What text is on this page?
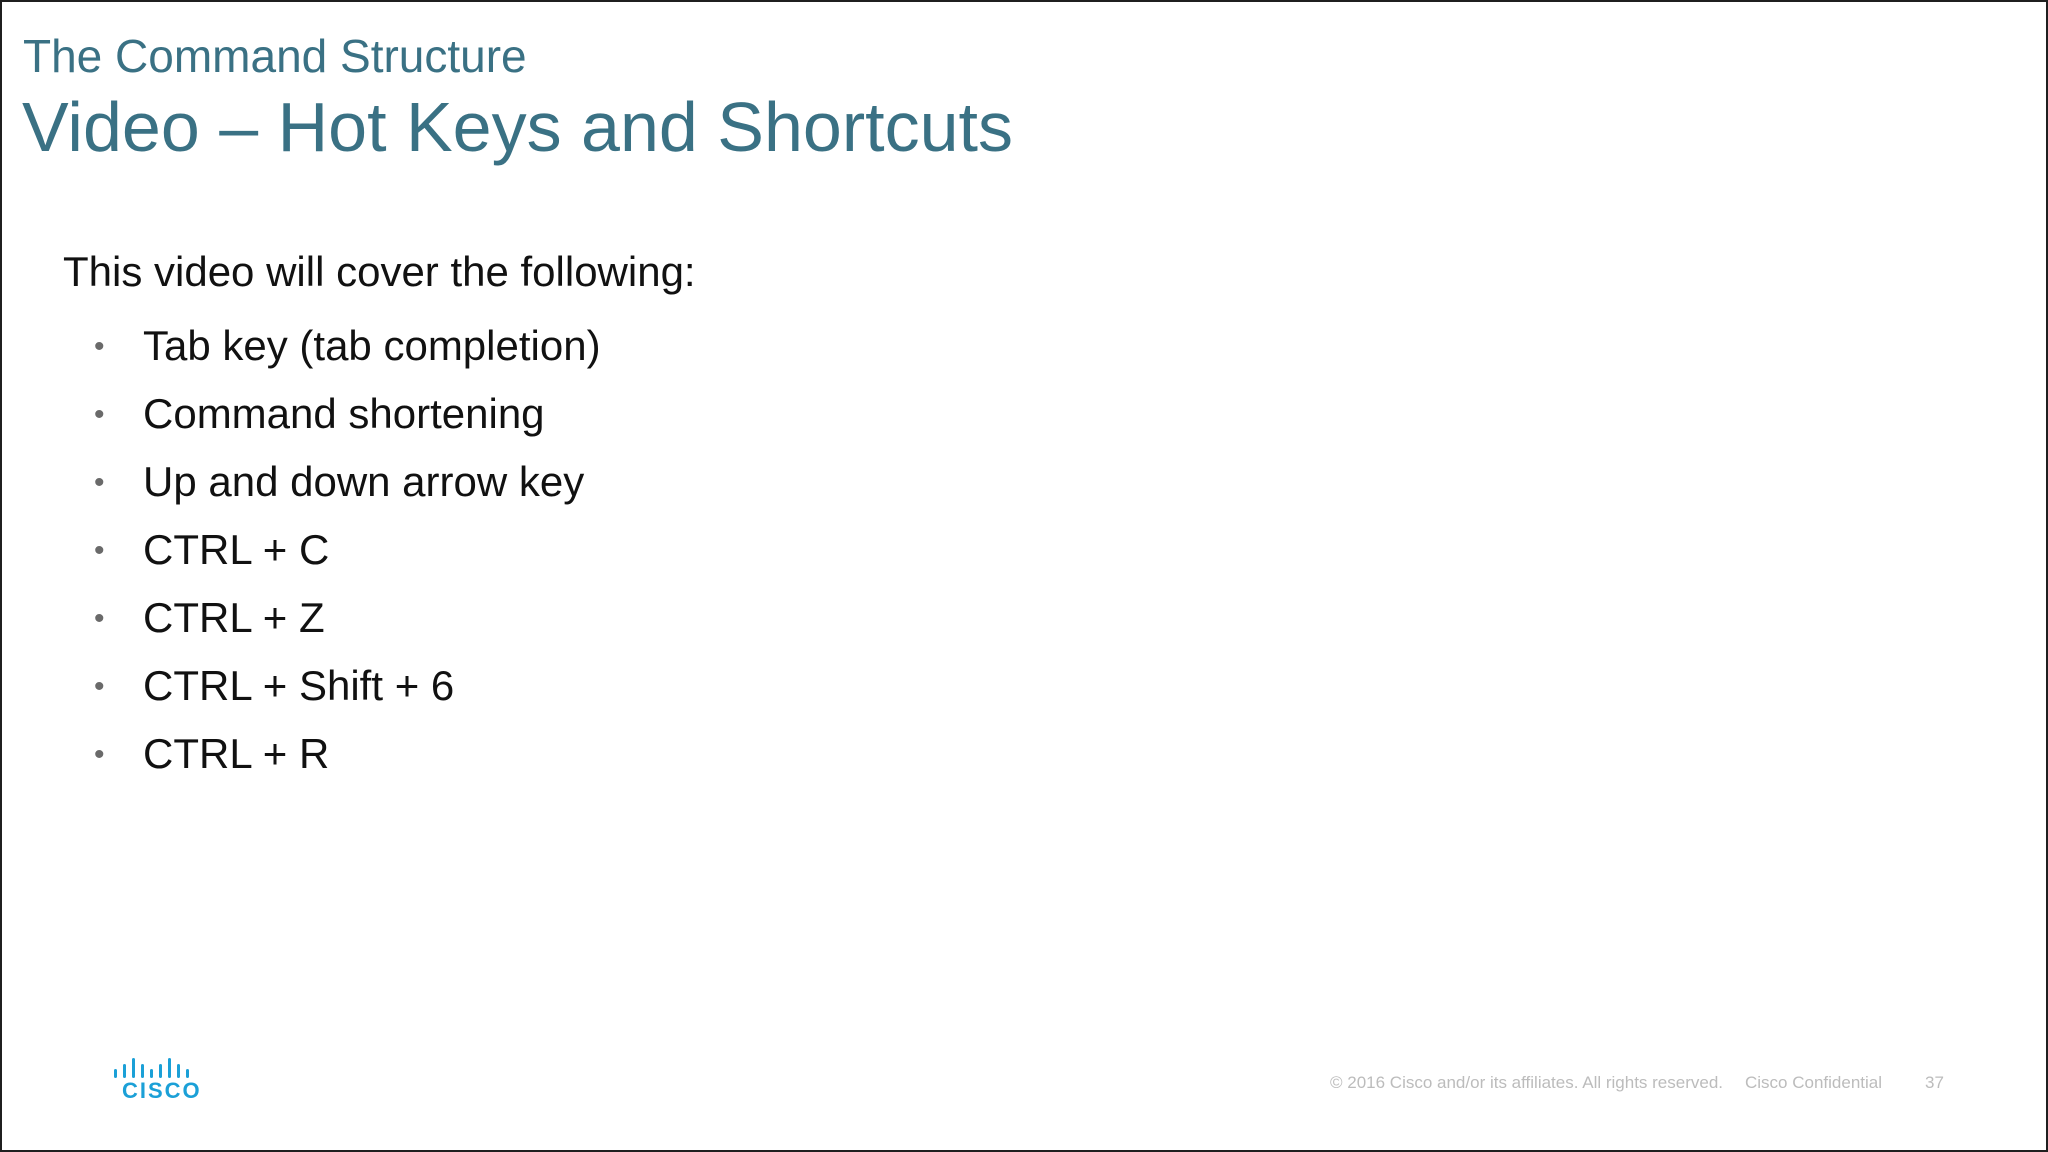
The Command Structure
Video – Hot Keys and Shortcuts

This video will cover the following:

• Tab key (tab completion)
• Command shortening
• Up and down arrow key
• CTRL + C
• CTRL + Z
• CTRL + Shift + 6
• CTRL + R
CISCO	© 2016 Cisco and/or its affiliates. All rights reserved. Cisco Confidential	37
